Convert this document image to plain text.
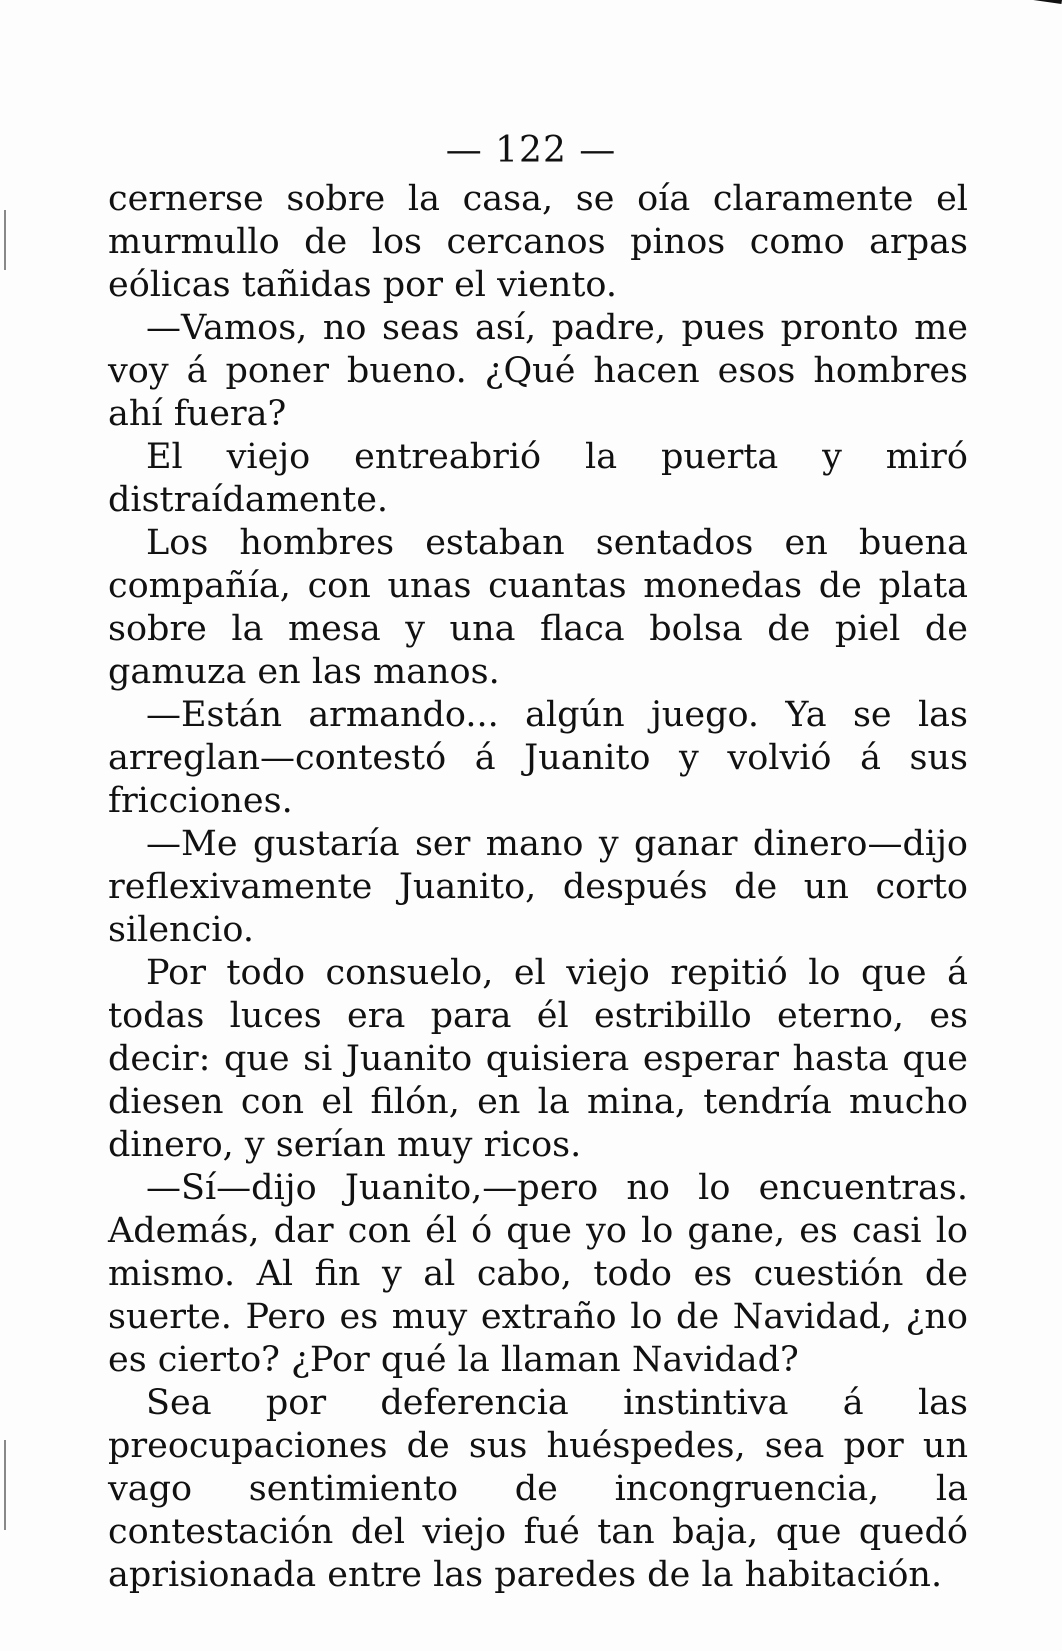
— 122 —

cernerse sobre la casa, se oía claramente el murmullo de los cercanos pinos como arpas eólicas tañidas por el viento.

—Vamos, no seas así, padre, pues pronto me voy á poner bueno. ¿Qué hacen esos hombres ahí fuera?

El viejo entreabrió la puerta y miró distraídamente.

Los hombres estaban sentados en buena compañía, con unas cuantas monedas de plata sobre la mesa y una flaca bolsa de piel de gamuza en las manos.

—Están armando... algún juego. Ya se las arreglan—contestó á Juanito y volvió á sus fricciones.

—Me gustaría ser mano y ganar dinero—dijo reflexivamente Juanito, después de un corto silencio.

Por todo consuelo, el viejo repitió lo que á todas luces era para él estribillo eterno, es decir: que si Juanito quisiera esperar hasta que diesen con el filón, en la mina, tendría mucho dinero, y serían muy ricos.

—Sí—dijo Juanito,—pero no lo encuentras. Además, dar con él ó que yo lo gane, es casi lo mismo. Al fin y al cabo, todo es cuestión de suerte. Pero es muy extraño lo de Navidad, ¿no es cierto? ¿Por qué la llaman Navidad?

Sea por deferencia instintiva á las preocupaciones de sus huéspedes, sea por un vago sentimiento de incongruencia, la contestación del viejo fué tan baja, que quedó aprisionada entre las paredes de la habitación.
